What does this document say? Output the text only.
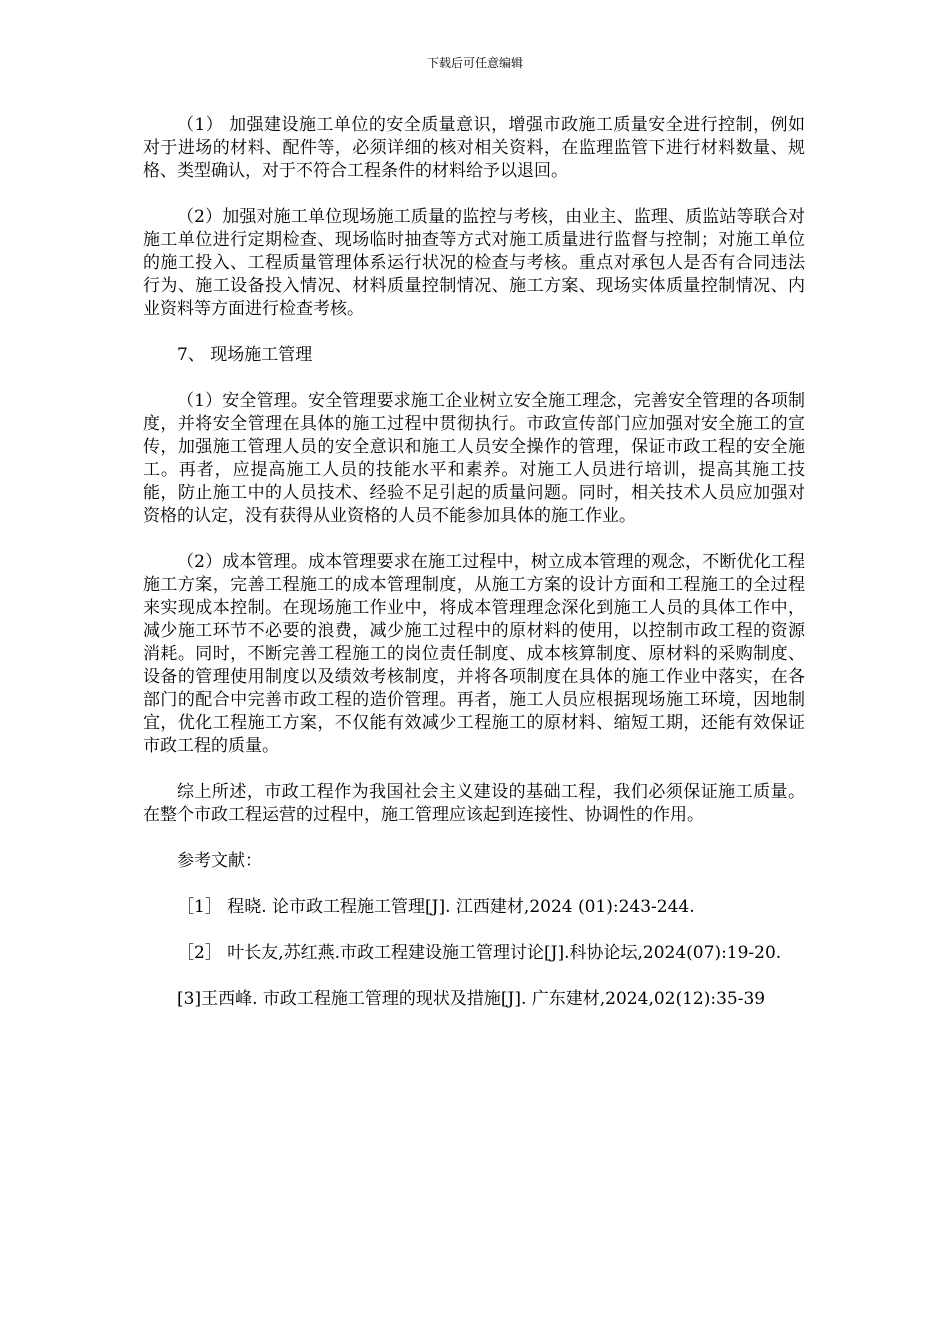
下载后可任意编辑

（1） 加强建设施工单位的安全质量意识，增强市政施工质量安全进行控制，例如对于进场的材料、配件等，必须详细的核对相关资料，在监理监管下进行材料数量、规格、类型确认，对于不符合工程条件的材料给予以退回。

（2）加强对施工单位现场施工质量的监控与考核，由业主、监理、质监站等联合对施工单位进行定期检查、现场临时抽查等方式对施工质量进行监督与控制；对施工单位的施工投入、工程质量管理体系运行状况的检查与考核。重点对承包人是否有合同违法行为、施工设备投入情况、材料质量控制情况、施工方案、现场实体质量控制情况、内业资料等方面进行检查考核。

7、 现场施工管理

（1）安全管理。安全管理要求施工企业树立安全施工理念，完善安全管理的各项制度，并将安全管理在具体的施工过程中贯彻执行。市政宣传部门应加强对安全施工的宣传，加强施工管理人员的安全意识和施工人员安全操作的管理，保证市政工程的安全施工。再者，应提高施工人员的技能水平和素养。对施工人员进行培训，提高其施工技能，防止施工中的人员技术、经验不足引起的质量问题。同时，相关技术人员应加强对资格的认定，没有获得从业资格的人员不能参加具体的施工作业。

（2）成本管理。成本管理要求在施工过程中，树立成本管理的观念，不断优化工程施工方案，完善工程施工的成本管理制度，从施工方案的设计方面和工程施工的全过程来实现成本控制。在现场施工作业中，将成本管理理念深化到施工人员的具体工作中，减少施工环节不必要的浪费，减少施工过程中的原材料的使用，以控制市政工程的资源消耗。同时，不断完善工程施工的岗位责任制度、成本核算制度、原材料的采购制度、设备的管理使用制度以及绩效考核制度，并将各项制度在具体的施工作业中落实，在各部门的配合中完善市政工程的造价管理。再者，施工人员应根据现场施工环境，因地制宜，优化工程施工方案，不仅能有效减少工程施工的原材料、缩短工期，还能有效保证市政工程的质量。

综上所述，市政工程作为我国社会主义建设的基础工程，我们必须保证施工质量。在整个市政工程运营的过程中，施工管理应该起到连接性、协调性的作用。

参考文献：

［1］ 程晓. 论市政工程施工管理[J]. 江西建材,2024 (01):243-244.

［2］ 叶长友,苏红燕.市政工程建设施工管理讨论[J].科协论坛,2024(07):19-20.

[3]王西峰. 市政工程施工管理的现状及措施[J]. 广东建材,2024,02(12):35-39
